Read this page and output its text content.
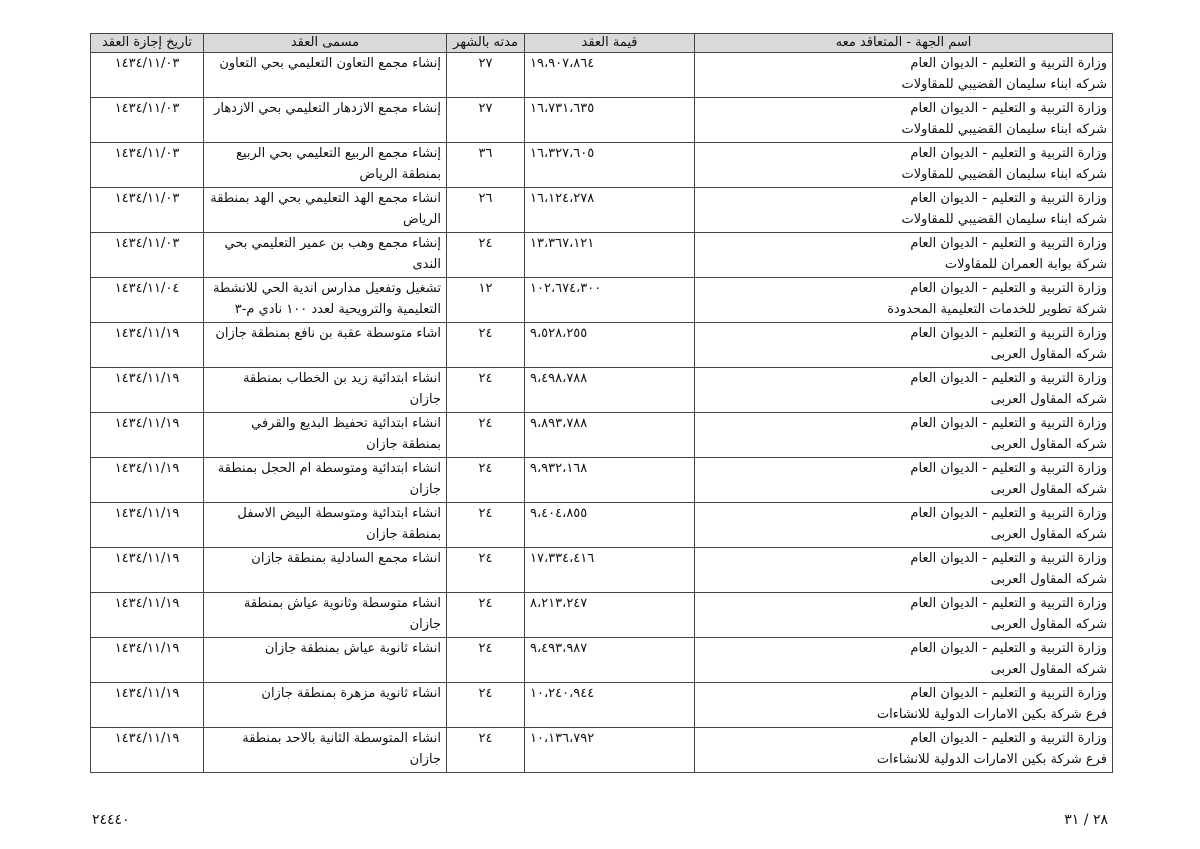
اسم الجهة - المتعاقد معه	قيمة العقد	مدته بالشهر	مسمى العقد	تاريخ إجازة العقد

وزارة التربية و التعليم - الديوان العام
شركه ابناء سليمان القضيبي للمقاولات	١٩،٩٠٧،٨٦٤	٢٧	إنشاء مجمع التعاون التعليمي بحي التعاون	١٤٣٤/١١/٠٣

وزارة التربية و التعليم - الديوان العام
شركه ابناء سليمان القضيبي للمقاولات	١٦،٧٣١،٦٣٥	٢٧	إنشاء مجمع الازدهار التعليمي بحي الازدهار	١٤٣٤/١١/٠٣

وزارة التربية و التعليم - الديوان العام
شركه ابناء سليمان القضيبي للمقاولات	١٦،٣٢٧،٦٠٥	٣٦	إنشاء مجمع الربيع التعليمي بحي الربيع بمنطقة الرياض	١٤٣٤/١١/٠٣

وزارة التربية و التعليم - الديوان العام
شركه ابناء سليمان القضيبي للمقاولات	١٦،١٢٤،٢٧٨	٢٦	انشاء مجمع الهد التعليمي بحي الهد بمنطقة الرياض	١٤٣٤/١١/٠٣

وزارة التربية و التعليم - الديوان العام
شركة بوابة العمران للمقاولات	١٣،٣٦٧،١٢١	٢٤	إنشاء مجمع وهب بن عمير التعليمي بحي الندى	١٤٣٤/١١/٠٣

وزارة التربية و التعليم - الديوان العام
شركة تطوير للخدمات التعليمية المحدودة	١٠٢،٦٧٤،٣٠٠	١٢	تشغيل وتفعيل مدارس اندية الحي للانشطة التعليمية والترويحية لعدد ١٠٠ نادي م-٣	١٤٣٤/١١/٠٤

وزارة التربية و التعليم - الديوان العام
شركه المقاول العربى	٩،٥٢٨،٢٥٥	٢٤	اشاء متوسطة عقبة بن نافع بمنطقة جازان	١٤٣٤/١١/١٩

وزارة التربية و التعليم - الديوان العام
شركه المقاول العربى	٩،٤٩٨،٧٨٨	٢٤	انشاء ابتدائية زيد بن الخطاب بمنطقة جازان	١٤٣٤/١١/١٩

وزارة التربية و التعليم - الديوان العام
شركه المقاول العربى	٩،٨٩٣،٧٨٨	٢٤	انشاء ابتدائية تحفيظ البديع والقرفي بمنطقة جازان	١٤٣٤/١١/١٩

وزارة التربية و التعليم - الديوان العام
شركه المقاول العربى	٩،٩٣٢،١٦٨	٢٤	انشاء ابتدائية ومتوسطة ام الحجل بمنطقة جازان	١٤٣٤/١١/١٩

وزارة التربية و التعليم - الديوان العام
شركه المقاول العربى	٩،٤٠٤،٨٥٥	٢٤	انشاء ابتدائية ومتوسطة البيض الاسفل بمنطقة جازان	١٤٣٤/١١/١٩

وزارة التربية و التعليم - الديوان العام
شركه المقاول العربى	١٧،٣٣٤،٤١٦	٢٤	انشاء مجمع السادلية بمنطقة جازان	١٤٣٤/١١/١٩

وزارة التربية و التعليم - الديوان العام
شركه المقاول العربى	٨،٢١٣،٢٤٧	٢٤	انشاء متوسطة وثانوية عياش بمنطقة جازان	١٤٣٤/١١/١٩

وزارة التربية و التعليم - الديوان العام
شركه المقاول العربى	٩،٤٩٣،٩٨٧	٢٤	انشاء ثانوية عياش بمنطقة جازان	١٤٣٤/١١/١٩

وزارة التربية و التعليم - الديوان العام
فرع شركة بكين الامارات الدولية للانشاءات	١٠،٢٤٠،٩٤٤	٢٤	انشاء ثانوية مزهرة بمنطقة جازان	١٤٣٤/١١/١٩

وزارة التربية و التعليم - الديوان العام
فرع شركة بكين الامارات الدولية للانشاءات	١٠،١٣٦،٧٩٢	٢٤	انشاء المتوسطة الثانية بالاحد بمنطقة جازان	١٤٣٤/١١/١٩
٢٤٤٤٠	٢٨ / ٣١
